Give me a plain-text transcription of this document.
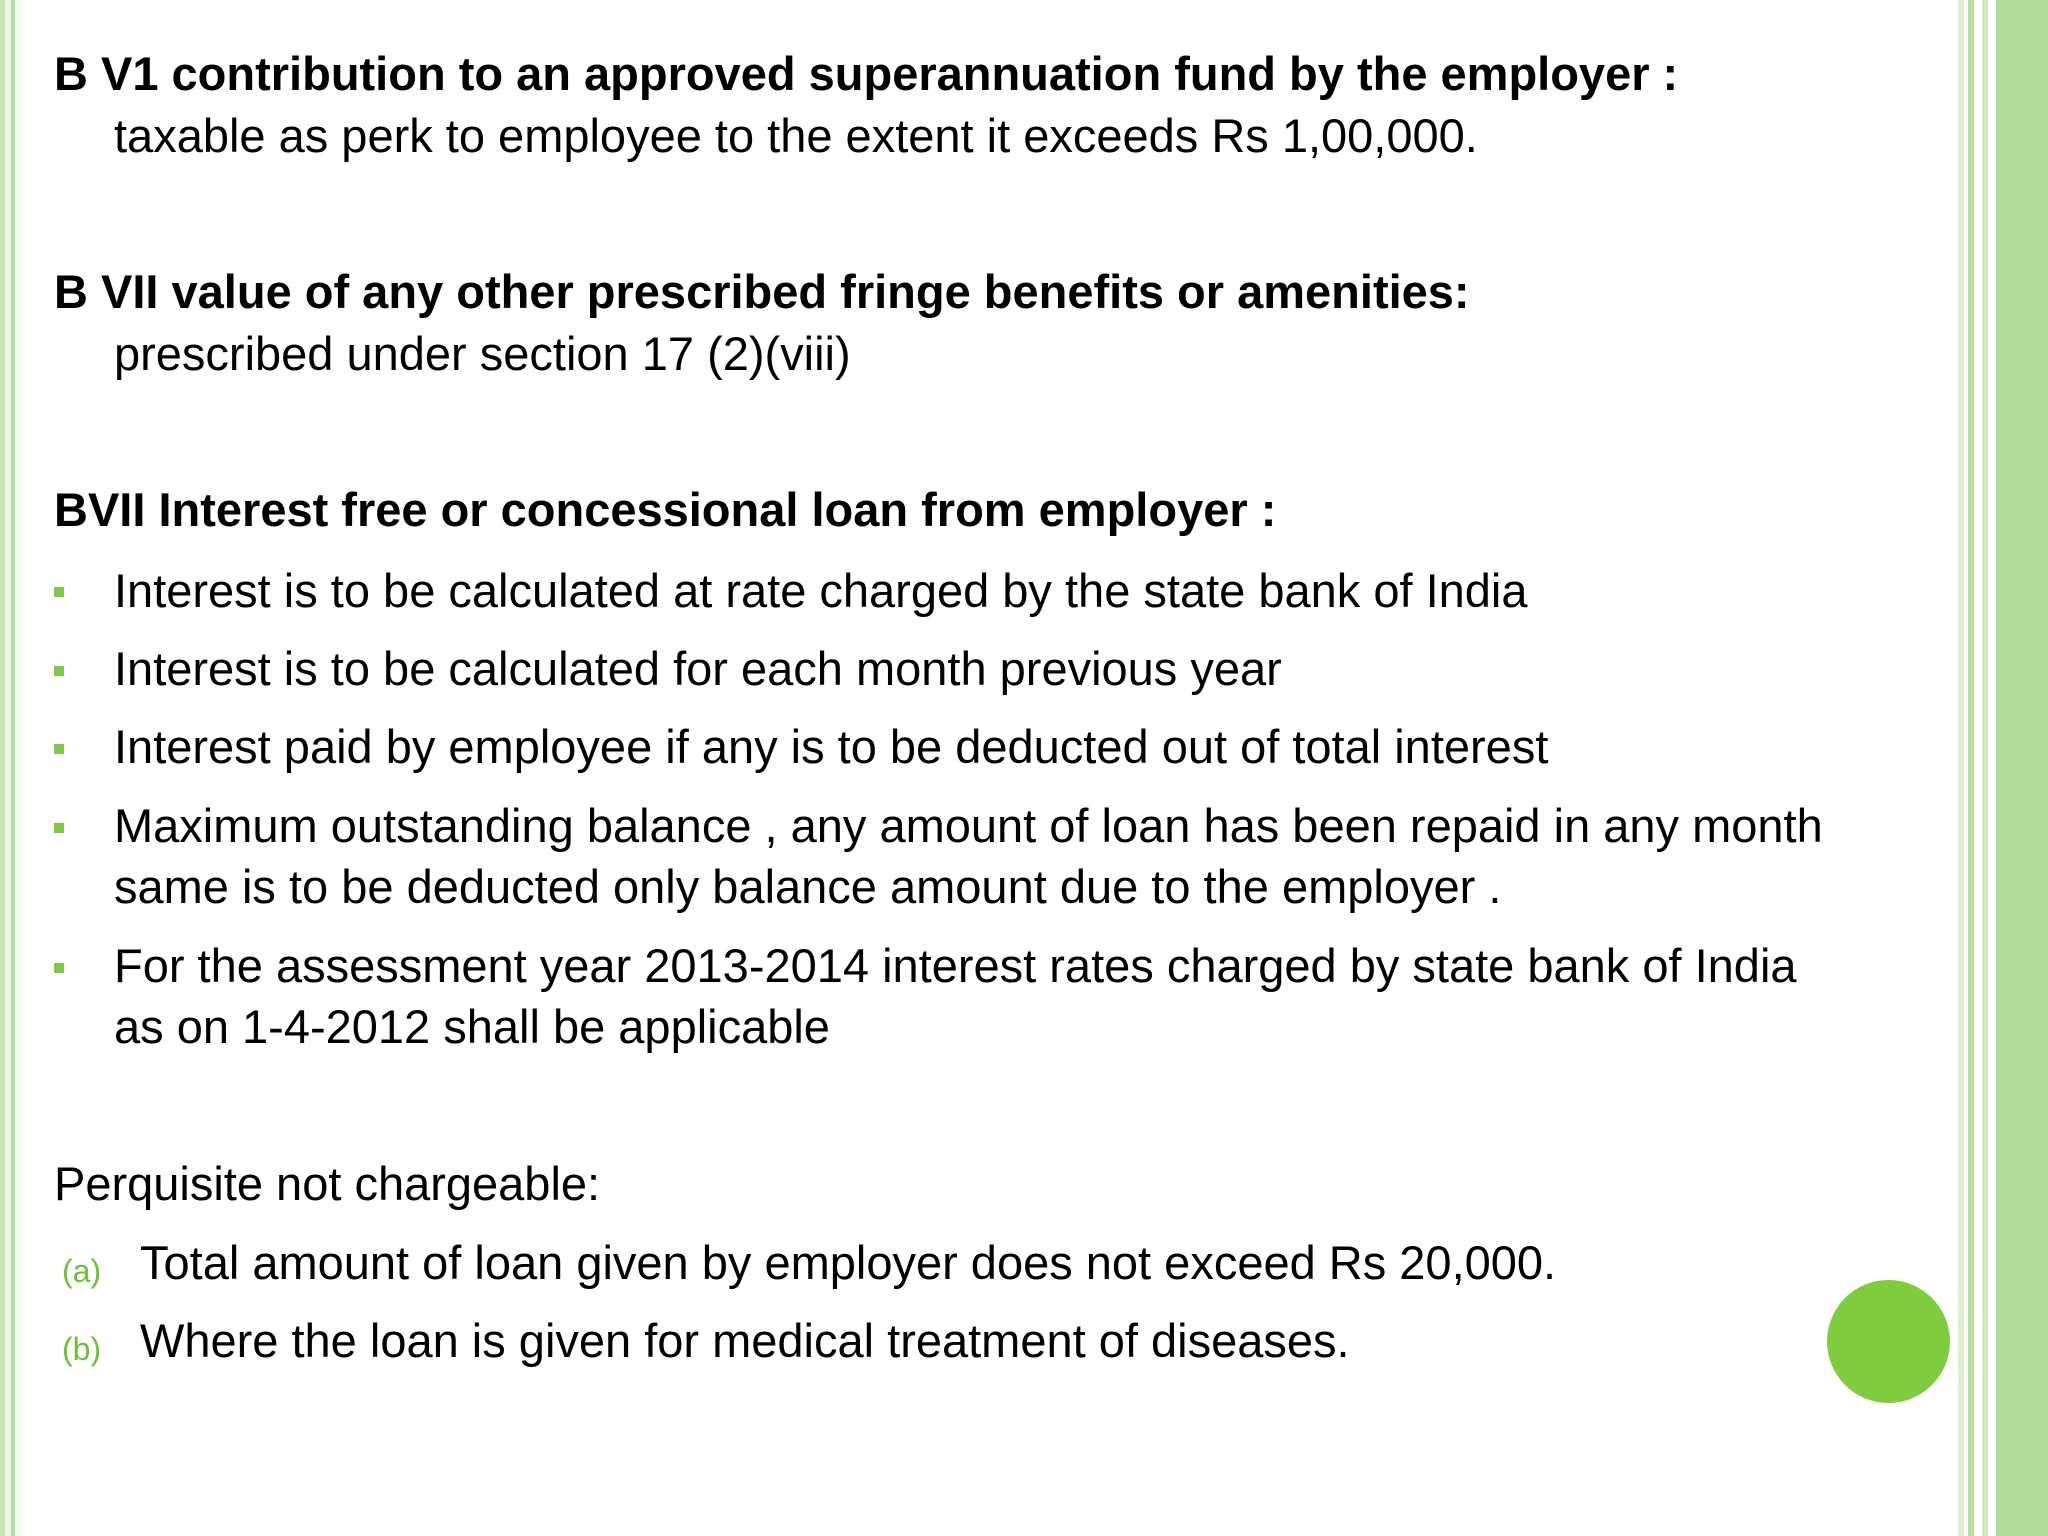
B V1 contribution to an approved superannuation fund by the employer :
taxable as perk to employee to the extent it exceeds Rs 1,00,000.
B VII value of any other prescribed fringe benefits or amenities:
prescribed under section 17 (2)(viii)
BVII Interest free or concessional loan from employer :
Interest is to be calculated at rate charged by the state bank of India
Interest is to be calculated for each month previous year
Interest paid by employee if any is to be deducted out of total interest
Maximum outstanding balance , any amount of loan has been repaid in any month
same is to be deducted only balance amount due to the employer .
For the assessment year 2013-2014 interest rates charged by state bank of India
as on 1-4-2012 shall be applicable
Perquisite not chargeable:
(a) Total amount of loan given by employer does not exceed Rs 20,000.
(b) Where the loan is given for medical treatment of diseases.
